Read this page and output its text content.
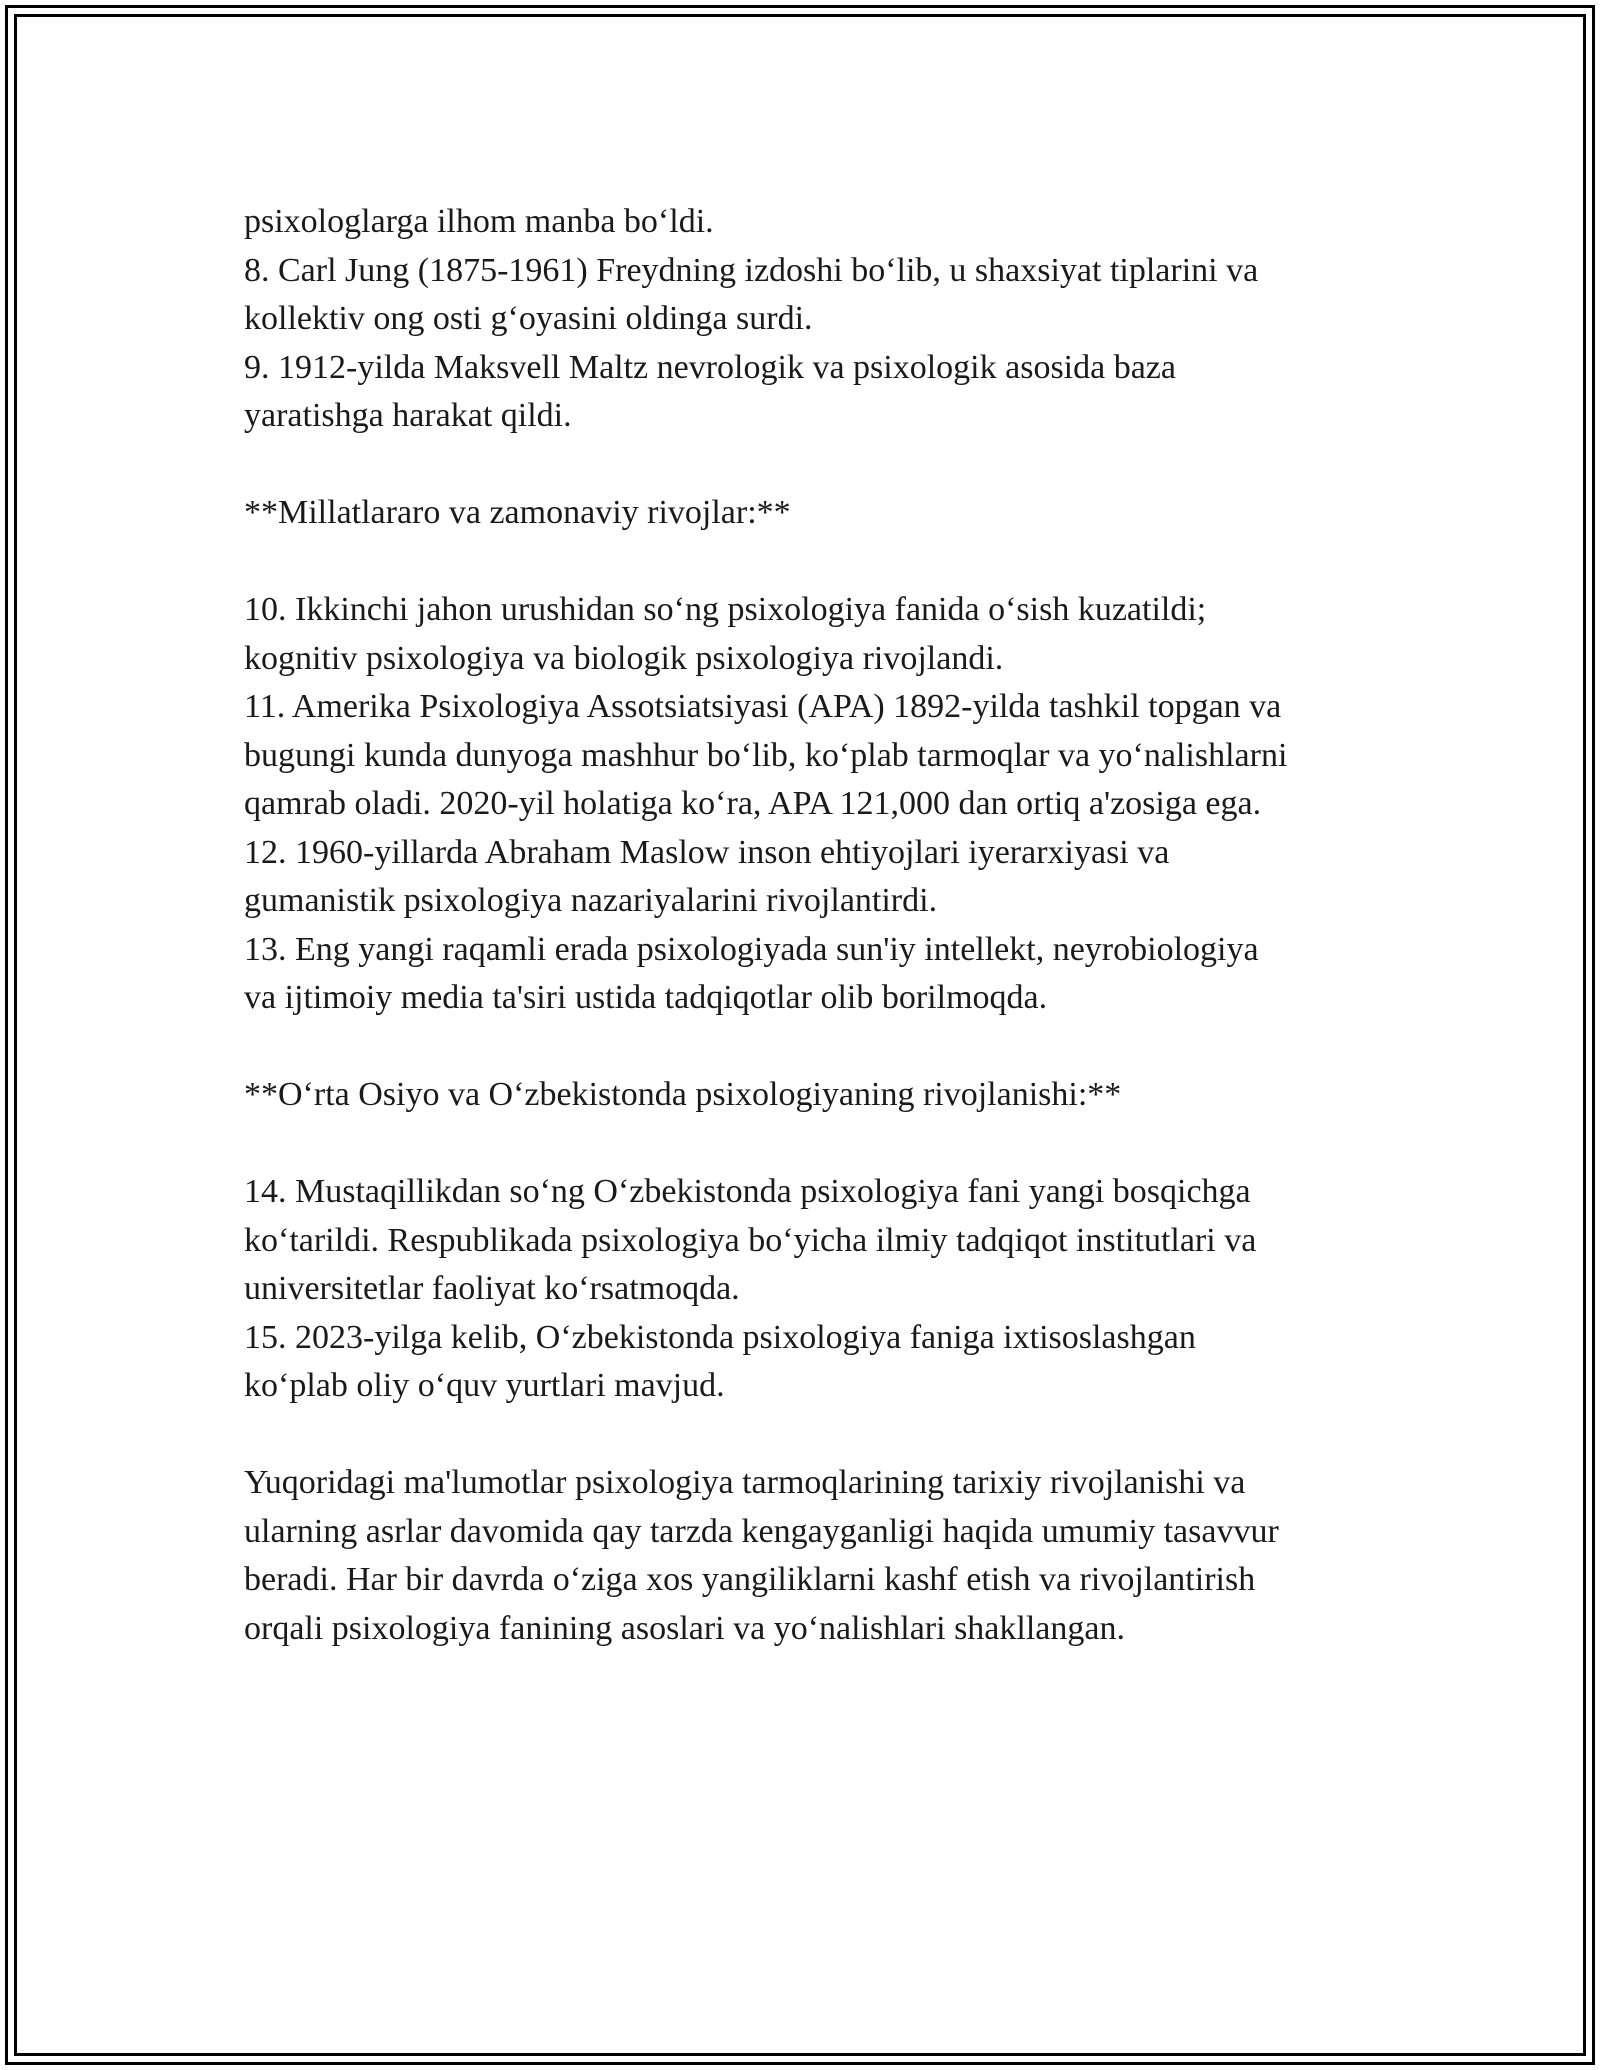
psixologlarga ilhom manba bo‘ldi.
8. Carl Jung (1875-1961) Freydning izdoshi bo‘lib, u shaxsiyat tiplarini va
kollektiv ong osti g‘oyasini oldinga surdi.
9. 1912-yilda Maksvell Maltz nevrologik va psixologik asosida baza
yaratishga harakat qildi.
**Millatlararo va zamonaviy rivojlar:**
10. Ikkinchi jahon urushidan so‘ng psixologiya fanida o‘sish kuzatildi;
kognitiv psixologiya va biologik psixologiya rivojlandi.
11. Amerika Psixologiya Assotsiatsiyasi (APA) 1892-yilda tashkil topgan va
bugungi kunda dunyoga mashhur bo‘lib, ko‘plab tarmoqlar va yo‘nalishlarni
qamrab oladi. 2020-yil holatiga ko‘ra, APA 121,000 dan ortiq a'zosiga ega.
12. 1960-yillarda Abraham Maslow inson ehtiyojlari iyerarxiyasi va
gumanistik psixologiya nazariyalarini rivojlantirdi.
13. Eng yangi raqamli erada psixologiyada sun'iy intellekt, neyrobiologiya
va ijtimoiy media ta'siri ustida tadqiqotlar olib borilmoqda.
**O‘rta Osiyo va O‘zbekistonda psixologiyaning rivojlanishi:**
14. Mustaqillikdan so‘ng O‘zbekistonda psixologiya fani yangi bosqichga
ko‘tarildi. Respublikada psixologiya bo‘yicha ilmiy tadqiqot institutlari va
universitetlar faoliyat ko‘rsatmoqda.
15. 2023-yilga kelib, O‘zbekistonda psixologiya faniga ixtisoslashgan
ko‘plab oliy o‘quv yurtlari mavjud.
Yuqoridagi ma'lumotlar psixologiya tarmoqlarining tarixiy rivojlanishi va
ularning asrlar davomida qay tarzda kengayganligi haqida umumiy tasavvur
beradi. Har bir davrda o‘ziga xos yangiliklarni kashf etish va rivojlantirish
orqali psixologiya fanining asoslari va yo‘nalishlari shakllangan.
